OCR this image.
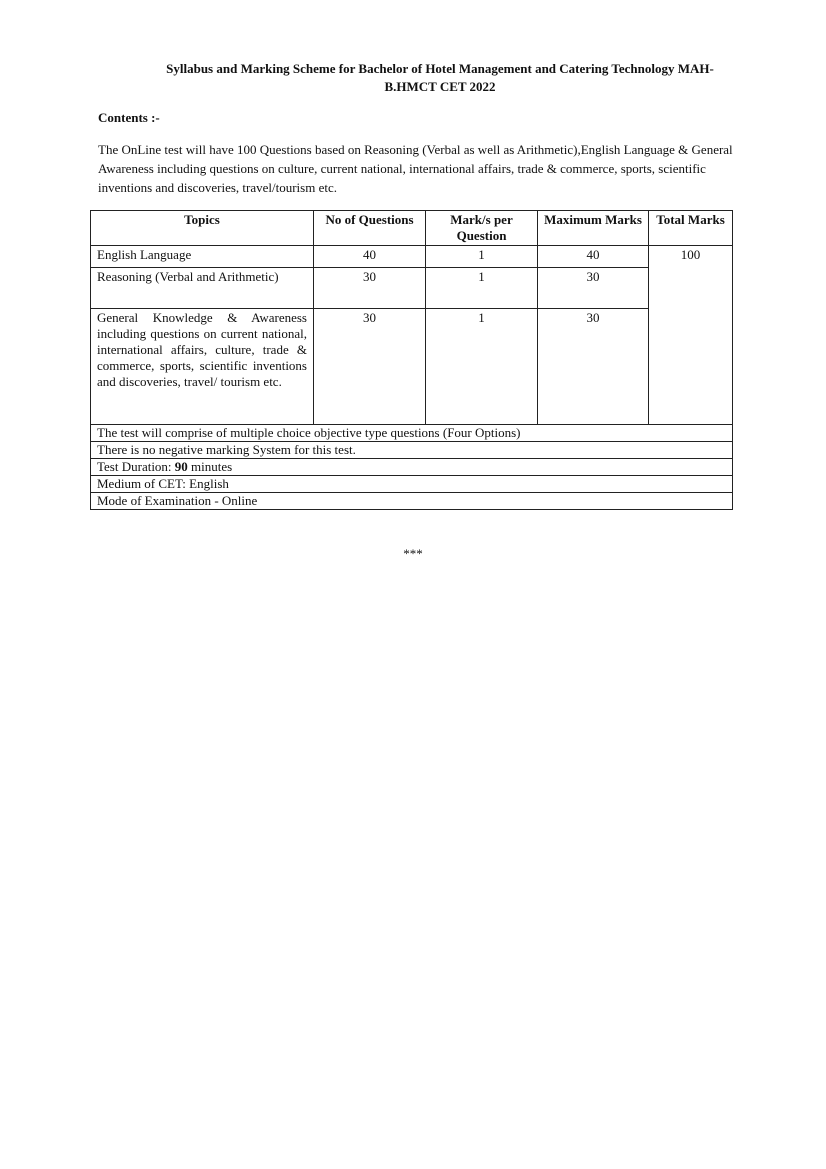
Syllabus and Marking Scheme for Bachelor of Hotel Management and Catering Technology MAH-
B.HMCT CET 2022
Contents :-
The OnLine test will have 100 Questions based on Reasoning (Verbal as well as Arithmetic),English Language & General Awareness including questions on culture, current national, international affairs, trade & commerce, sports, scientific inventions and discoveries, travel/tourism etc.
Topics	No of Questions	Mark/s per Question	Maximum Marks	Total Marks
English Language	40	1	40	100
Reasoning (Verbal and Arithmetic)	30	1	30	
General Knowledge & Awareness including questions on current national, international affairs, culture, trade & commerce, sports, scientific inventions and discoveries, travel/ tourism etc.	30	1	30	
The test will comprise of multiple choice objective type questions (Four Options)				
There is no negative marking System for this test.				
Test Duration: 90 minutes				
Medium of CET: English				
Mode of Examination - Online				
***
